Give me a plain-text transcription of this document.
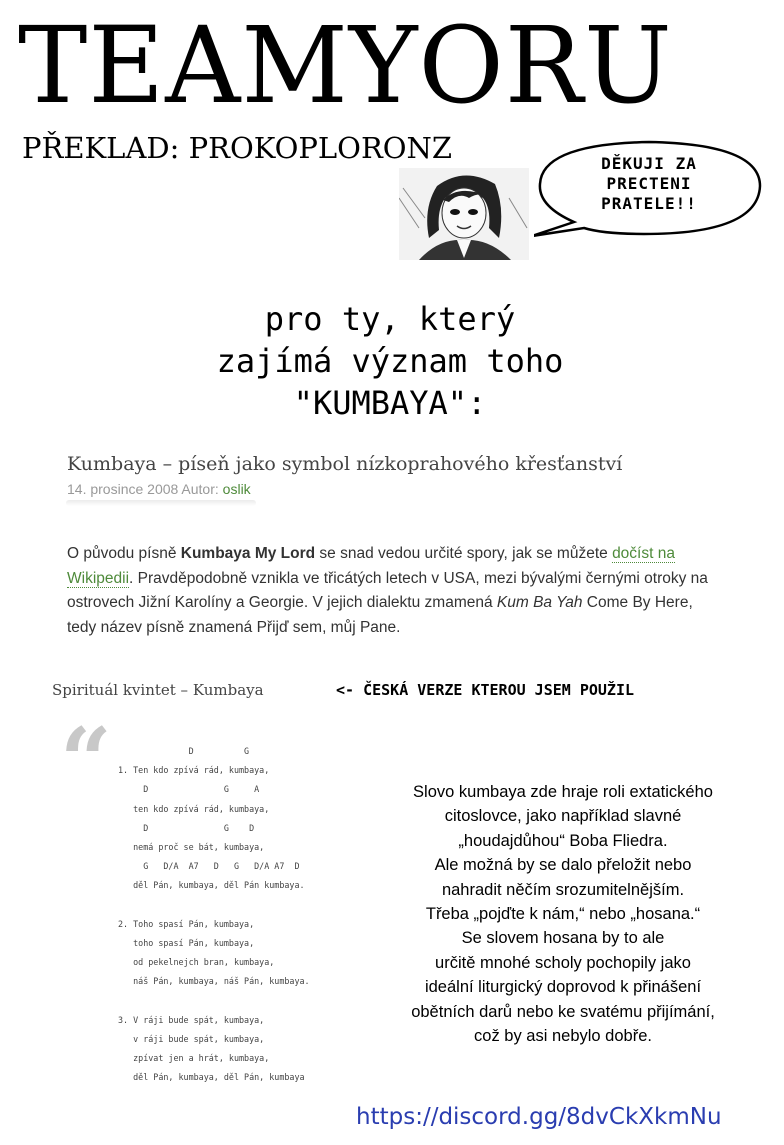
TEAMYORU
PŘEKLAD: PROKOPLORONZ	DĚKUJI ZA
PRECTENI
PRATELE!!
pro ty, který
zajímá význam toho
"KUMBAYA":
Kumbaya – píseň jako symbol nízkoprahového křesťanství
14. prosince 2008 Autor: oslik
O původu písně Kumbaya My Lord se snad vedou určité spory, jak se můžete dočíst na Wikipedii. Pravděpodobně vznikla ve třicátých letech v USA, mezi bývalými černými otroky na ostrovech Jižní Karolíny a Georgie. V jejich dialektu zmamená Kum Ba Yah Come By Here, tedy název písně znamená Přijď sem, můj Pane.
Spirituál kvintet – Kumbaya	<- ČESKÁ VERZE KTEROU JSEM POUŽIL
“ D          G
1. Ten kdo zpívá rád, kumbaya,
D               G     A
ten kdo zpívá rád, kumbaya,
D               G    D
nemá proč se bát, kumbaya,
G   D/A  A7   D   G   D/A A7  D
děl Pán, kumbaya, děl Pán kumbaya.
2. Toho spasí Pán, kumbaya,
toho spasí Pán, kumbaya,
od pekelnejch bran, kumbaya,
náš Pán, kumbaya, náš Pán, kumbaya.
3. V ráji bude spát, kumbaya,
v ráji bude spát, kumbaya,
zpívat jen a hrát, kumbaya,
děl Pán, kumbaya, děl Pán, kumbaya
Slovo kumbaya zde hraje roli extatického
citoslovce, jako například slavné
„houdajdůhou“ Boba Fliedra.
Ale možná by se dalo přeložit nebo
nahradit něčím srozumitelnějším.
Třeba „pojďte k nám,“ nebo „hosana.“
Se slovem hosana by to ale
určitě mnohé scholy pochopily jako
ideální liturgický doprovod k přinášení
obětních darů nebo ke svatému přijímání,
což by asi nebylo dobře.
https://discord.gg/8dvCkXkmNu
